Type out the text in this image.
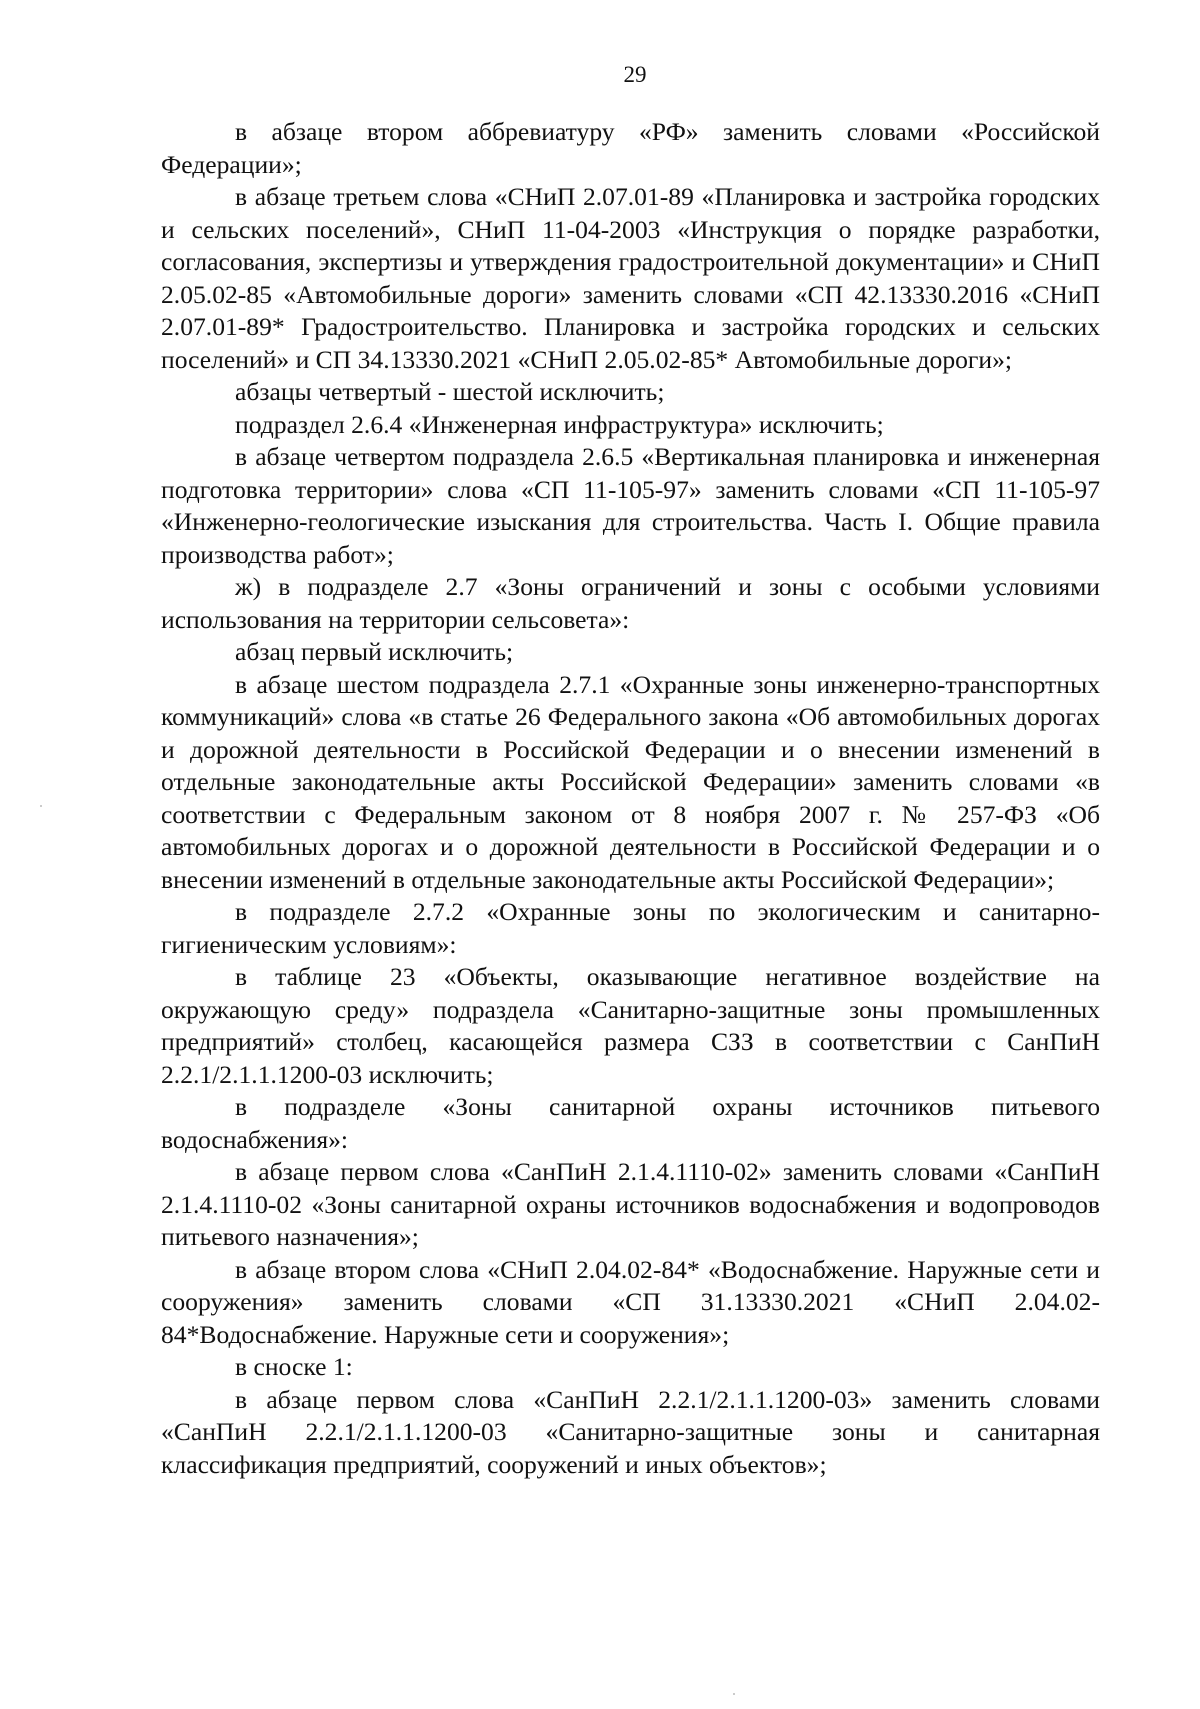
29

в абзаце втором аббревиатуру «РФ» заменить словами «Российской Федерации»;

в абзаце третьем слова «СНиП 2.07.01-89 «Планировка и застройка городских и сельских поселений», СНиП 11-04-2003 «Инструкция о порядке разработки, согласования, экспертизы и утверждения градостроительной документации» и СНиП 2.05.02-85 «Автомобильные дороги» заменить словами «СП 42.13330.2016 «СНиП 2.07.01-89* Градостроительство. Планировка и застройка городских и сельских поселений» и СП 34.13330.2021 «СНиП 2.05.02-85* Автомобильные дороги»;

абзацы четвертый - шестой исключить;

подраздел 2.6.4 «Инженерная инфраструктура» исключить;

в абзаце четвертом подраздела 2.6.5 «Вертикальная планировка и инженерная подготовка территории» слова «СП 11-105-97» заменить словами «СП 11-105-97 «Инженерно-геологические изыскания для строительства. Часть I. Общие правила производства работ»;

ж) в подразделе 2.7 «Зоны ограничений и зоны с особыми условиями использования на территории сельсовета»:

абзац первый исключить;

в абзаце шестом подраздела 2.7.1 «Охранные зоны инженерно-транспортных коммуникаций» слова «в статье 26 Федерального закона «Об автомобильных дорогах и дорожной деятельности в Российской Федерации и о внесении изменений в отдельные законодательные акты Российской Федерации» заменить словами «в соответствии с Федеральным законом от 8 ноября 2007 г. № 257-ФЗ «Об автомобильных дорогах и о дорожной деятельности в Российской Федерации и о внесении изменений в отдельные законодательные акты Российской Федерации»;

в подразделе 2.7.2 «Охранные зоны по экологическим и санитарно-гигиеническим условиям»:

в таблице 23 «Объекты, оказывающие негативное воздействие на окружающую среду» подраздела «Санитарно-защитные зоны промышленных предприятий» столбец, касающейся размера СЗЗ в соответствии с СанПиН 2.2.1/2.1.1.1200-03 исключить;

в подразделе «Зоны санитарной охраны источников питьевого водоснабжения»:

в абзаце первом слова «СанПиН 2.1.4.1110-02» заменить словами «СанПиН 2.1.4.1110-02 «Зоны санитарной охраны источников водоснабжения и водопроводов питьевого назначения»;

в абзаце втором слова «СНиП 2.04.02-84* «Водоснабжение. Наружные сети и сооружения» заменить словами «СП 31.13330.2021 «СНиП 2.04.02-84*Водоснабжение. Наружные сети и сооружения»;

в сноске 1:

в абзаце первом слова «СанПиН 2.2.1/2.1.1.1200-03» заменить словами «СанПиН 2.2.1/2.1.1.1200-03 «Санитарно-защитные зоны и санитарная классификация предприятий, сооружений и иных объектов»;
